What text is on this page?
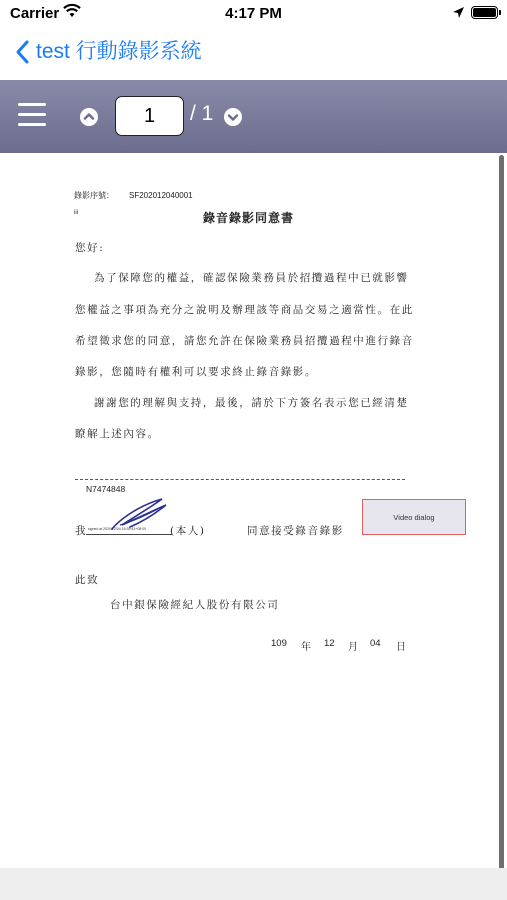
Carrier	4:17 PM
test 行動錄影系統
1
/ 1
錄影序號： SF202012040001
iii	錄音錄影同意書
您好:
為了保障您的權益，確認保險業務員於招攬過程中已就影響
您權益之事項為充分之說明及辦理該等商品交易之適當性。在此
希望徵求您的同意，請您允許在保險業務員招攬過程中進行錄音
錄影，您隨時有權利可以要求終止錄音錄影。
謝謝您的理解與支持，最後，請於下方簽名表示您已經清楚
瞭解上述內容。
N7474848
我 signed at 2020/12/04 16:39:43+08:00 (本人)	同意接受錄音錄影
Video dialog
此致
台中銀保險經紀人股份有限公司
109 年 12 月 04 日
